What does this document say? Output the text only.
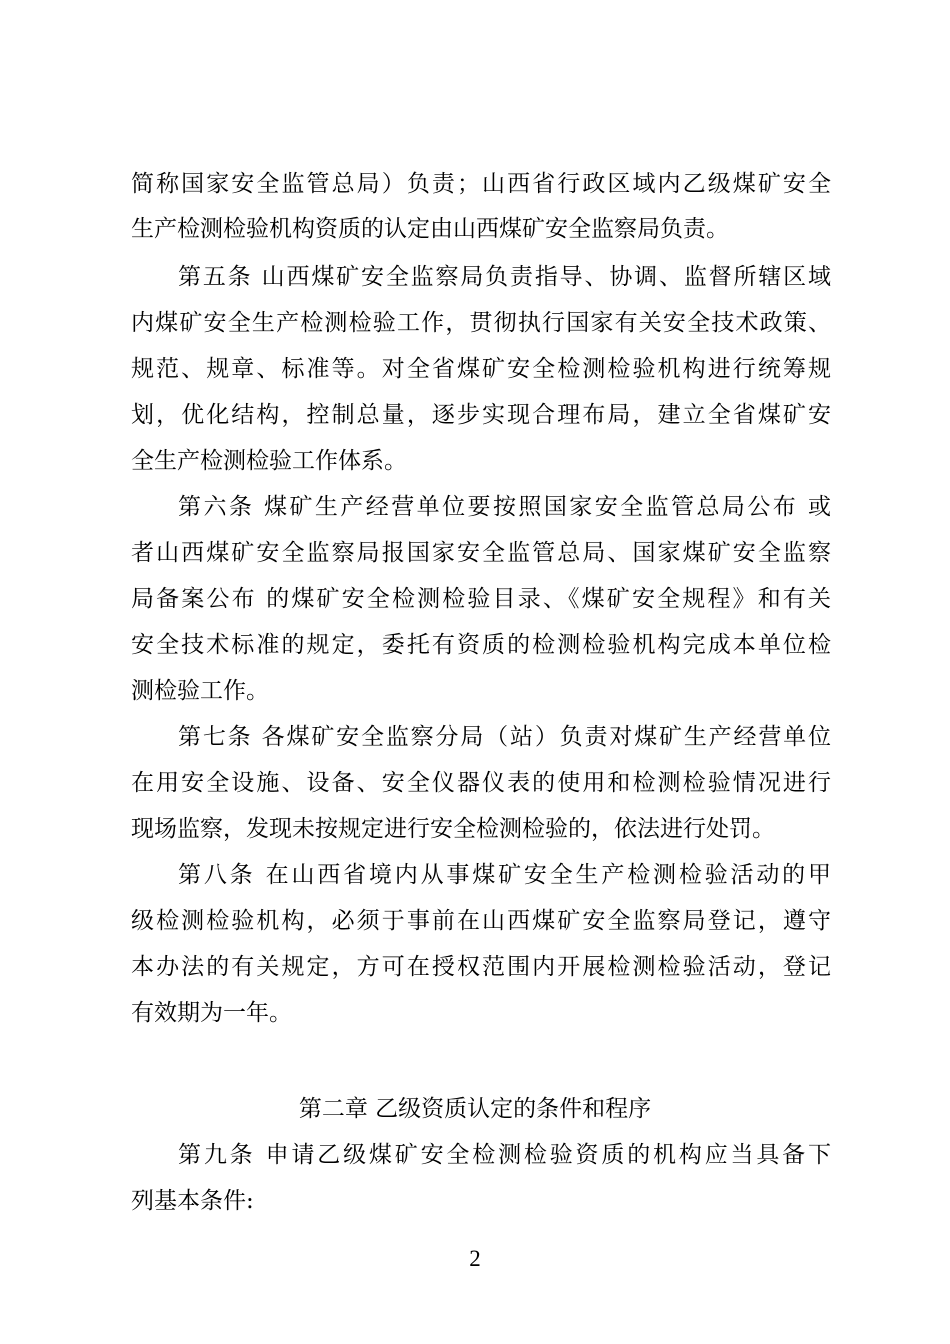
简称国家安全监管总局）负责；山西省行政区域内乙级煤矿安全
生产检测检验机构资质的认定由山西煤矿安全监察局负责。
第五条 山西煤矿安全监察局负责指导、协调、监督所辖区域
内煤矿安全生产检测检验工作，贯彻执行国家有关安全技术政策、
规范、规章、标准等。对全省煤矿安全检测检验机构进行统筹规
划，优化结构，控制总量，逐步实现合理布局，建立全省煤矿安
全生产检测检验工作体系。
第六条 煤矿生产经营单位要按照国家安全监管总局公布 或
者山西煤矿安全监察局报国家安全监管总局、国家煤矿安全监察
局备案公布 的煤矿安全检测检验目录、《煤矿安全规程》和有关
安全技术标准的规定，委托有资质的检测检验机构完成本单位检
测检验工作。
第七条 各煤矿安全监察分局（站）负责对煤矿生产经营单位
在用安全设施、设备、安全仪器仪表的使用和检测检验情况进行
现场监察，发现未按规定进行安全检测检验的，依法进行处罚。
第八条 在山西省境内从事煤矿安全生产检测检验活动的甲
级检测检验机构，必须于事前在山西煤矿安全监察局登记，遵守
本办法的有关规定，方可在授权范围内开展检测检验活动，登记
有效期为一年。
第二章 乙级资质认定的条件和程序
第九条 申请乙级煤矿安全检测检验资质的机构应当具备下
列基本条件:
2
